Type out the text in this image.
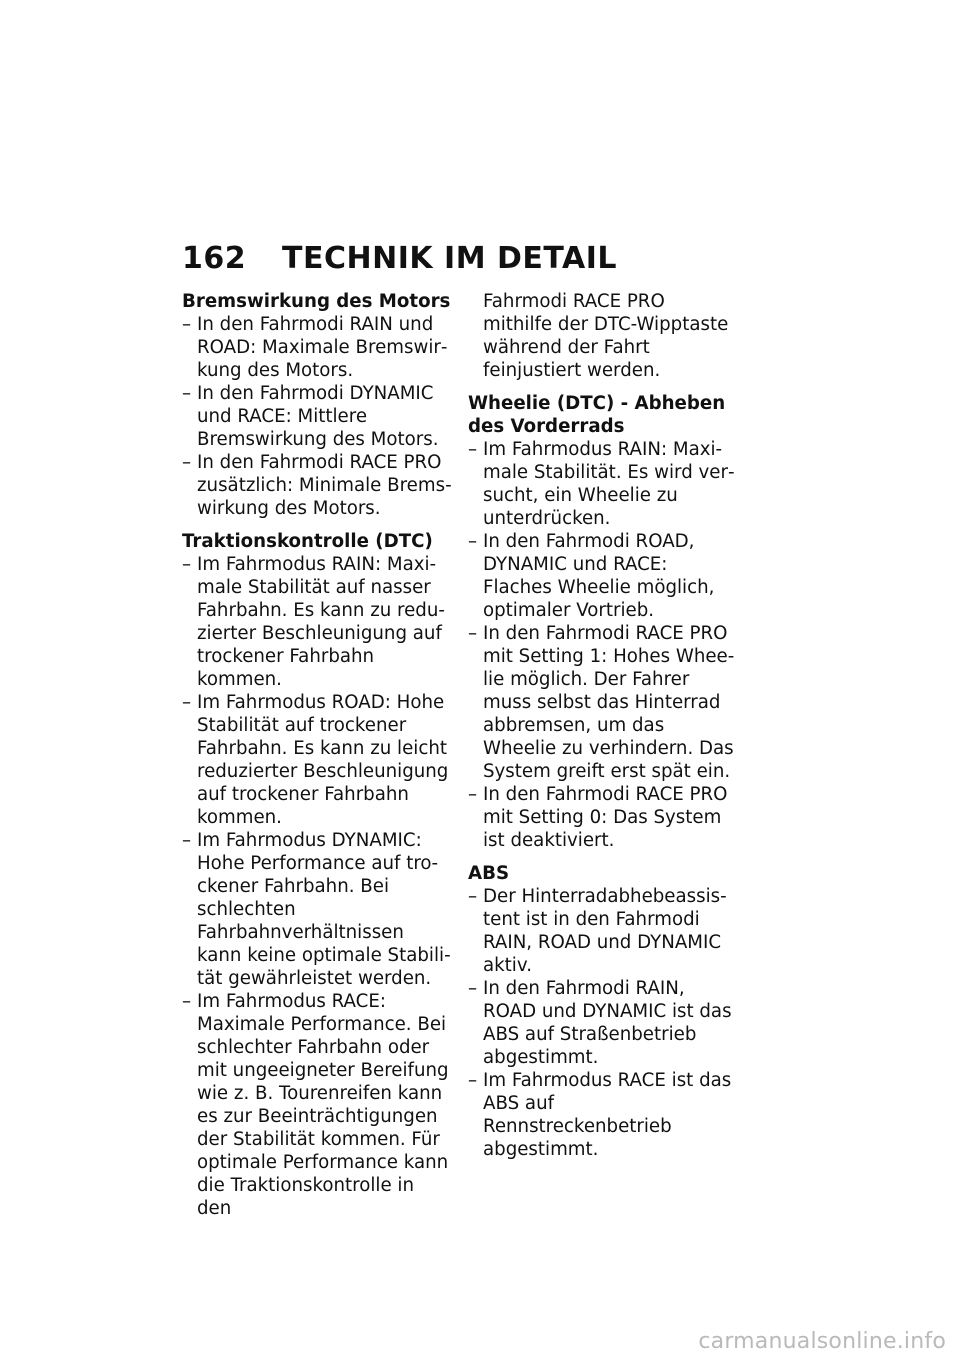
162	TECHNIK IM DETAIL

Bremswirkung des Motors

– In den Fahrmodi RAIN und ROAD: Maximale Bremswirkung des Motors.
– In den Fahrmodi DYNAMIC und RACE: Mittlere Bremswirkung des Motors.
– In den Fahrmodi RACE PRO zusätzlich: Minimale Bremswirkung des Motors.

Traktionskontrolle (DTC)

– Im Fahrmodus RAIN: Maximale Stabilität auf nasser Fahrbahn. Es kann zu reduzierter Beschleunigung auf trockener Fahrbahn kommen.
– Im Fahrmodus ROAD: Hohe Stabilität auf trockener Fahrbahn. Es kann zu leicht reduzierter Beschleunigung auf trockener Fahrbahn kommen.
– Im Fahrmodus DYNAMIC: Hohe Performance auf trockener Fahrbahn. Bei schlechten Fahrbahnverhältnissen kann keine optimale Stabilität gewährleistet werden.
– Im Fahrmodus RACE: Maximale Performance. Bei schlechter Fahrbahn oder mit ungeeigneter Bereifung wie z. B. Tourenreifen kann es zur Beeinträchtigungen der Stabilität kommen. Für optimale Performance kann die Traktionskontrolle in den
Fahrmodi RACE PRO mithilfe der DTC-Wipptaste während der Fahrt feinjustiert werden.

Wheelie (DTC) - Abheben des Vorderrads

– Im Fahrmodus RAIN: Maximale Stabilität. Es wird versucht, ein Wheelie zu unterdrücken.
– In den Fahrmodi ROAD, DYNAMIC und RACE: Flaches Wheelie möglich, optimaler Vortrieb.
– In den Fahrmodi RACE PRO mit Setting 1: Hohes Wheelie möglich. Der Fahrer muss selbst das Hinterrad abbremsen, um das Wheelie zu verhindern. Das System greift erst spät ein.
– In den Fahrmodi RACE PRO mit Setting 0: Das System ist deaktiviert.

ABS

– Der Hinterradabhebeassistent ist in den Fahrmodi RAIN, ROAD und DYNAMIC aktiv.
– In den Fahrmodi RAIN, ROAD und DYNAMIC ist das ABS auf Straßenbetrieb abgestimmt.
– Im Fahrmodus RACE ist das ABS auf Rennstreckenbetrieb abgestimmt.
carmanualsonline.info
